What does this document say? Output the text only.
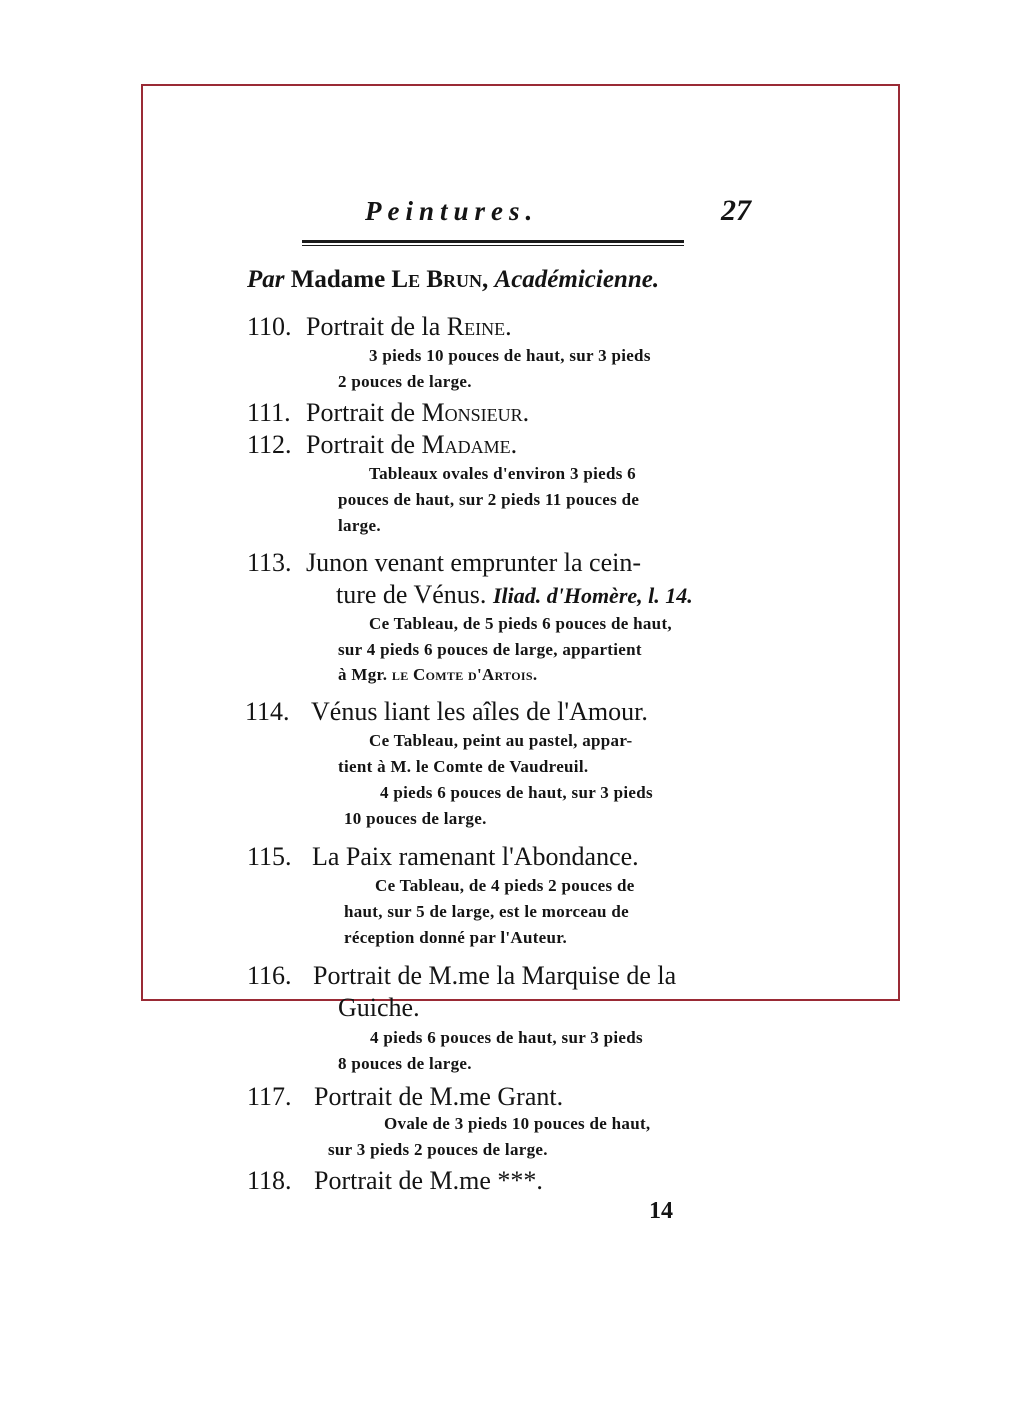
Peintures.	27
Par Madame Le Brun, Académicienne.
110. Portrait de la Reine.
3 pieds 10 pouces de haut, sur 3 pieds
2 pouces de large.
111. Portrait de Monsieur.
112. Portrait de Madame.
Tableaux ovales d'environ 3 pieds 6
pouces de haut, sur 2 pieds 11 pouces de
large.
113. Junon venant emprunter la cein-
ture de Vénus. Iliad. d'Homère, l. 14.
Ce Tableau, de 5 pieds 6 pouces de haut,
sur 4 pieds 6 pouces de large, appartient
à Mgr. le Comte d'Artois.
114. Vénus liant les aîles de l'Amour.
Ce Tableau, peint au pastel, appar-
tient à M. le Comte de Vaudreuil.
4 pieds 6 pouces de haut, sur 3 pieds
10 pouces de large.
115. La Paix ramenant l'Abondance.
Ce Tableau, de 4 pieds 2 pouces de
haut, sur 5 de large, est le morceau de
réception donné par l'Auteur.
116. Portrait de M.me la Marquise de la
Guiche.
4 pieds 6 pouces de haut, sur 3 pieds
8 pouces de large.
117. Portrait de M.me Grant.
Ovale de 3 pieds 10 pouces de haut,
sur 3 pieds 2 pouces de large.
118. Portrait de M.me ***.
14
